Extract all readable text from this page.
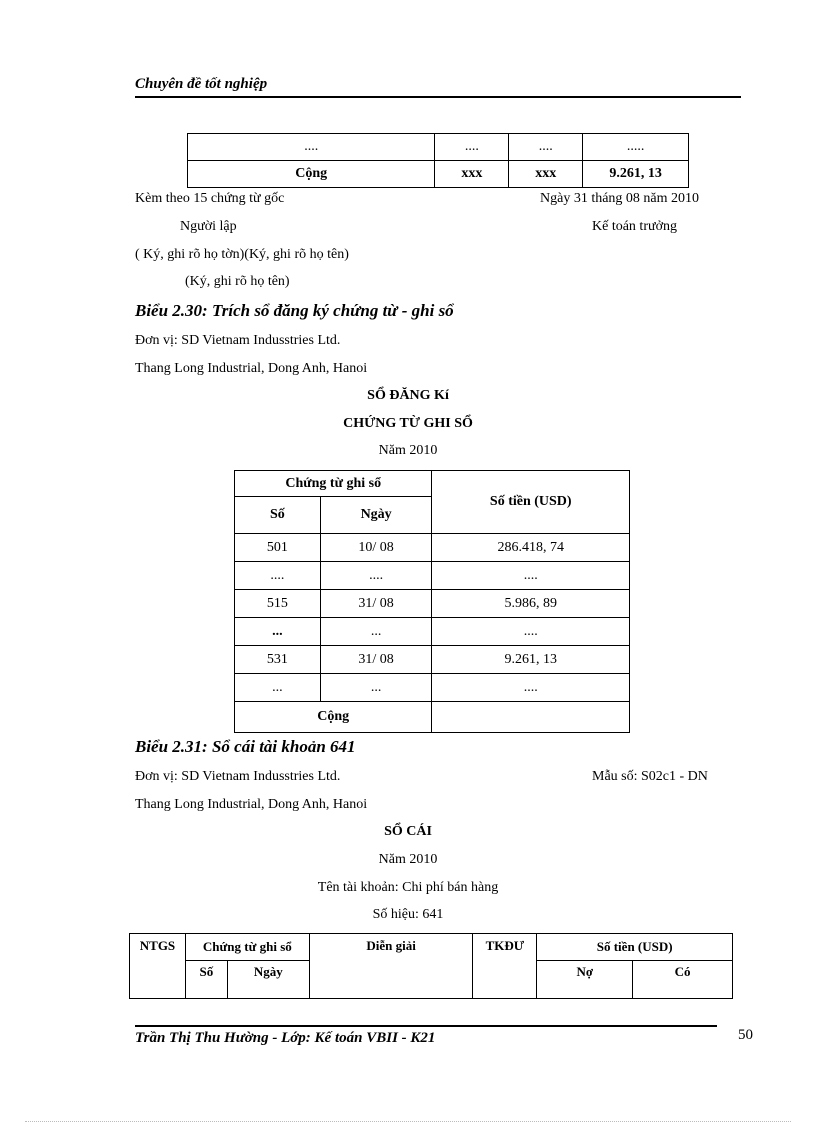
Chuyên đề tốt nghiệp
....	....	....	.....
Cộng	xxx	xxx	9.261, 13
Kèm theo 15 chứng từ gốc	Ngày 31 tháng 08 năm 2010
Người lập	Kế toán trưởng
( Ký, ghi rõ họ tờn)(Ký, ghi rõ họ tên)
(Ký, ghi rõ họ tên)
Biểu 2.30: Trích sổ đăng ký chứng từ - ghi sổ
Đơn vị: SD Vietnam Indusstries Ltd.
Thang Long Industrial, Dong Anh, Hanoi
SỔ ĐĂNG Kí
CHỨNG TỪ GHI SỔ
Năm 2010
Chứng từ ghi sổ		Số tiền (USD)
Số	Ngày	
501	10/ 08	286.418, 74
....	....	....
515	31/ 08	5.986, 89
...	...	....
531	31/ 08	9.261, 13
...	...	....
Cộng		
Biểu 2.31: Sổ cái tài khoản 641
Đơn vị: SD Vietnam Indusstries Ltd.	Mẫu số: S02c1 - DN
Thang Long Industrial, Dong Anh, Hanoi
SỔ CÁI
Năm 2010
Tên tài khoản: Chi phí bán hàng
Số hiệu: 641
NTGS	Chứng từ ghi sổ		Diễn giải	TKĐƯ	Số tiền (USD)	
	Số	Ngày			Nợ	Có
Trần Thị Thu Hường - Lớp: Kế toán VBII - K21	50
